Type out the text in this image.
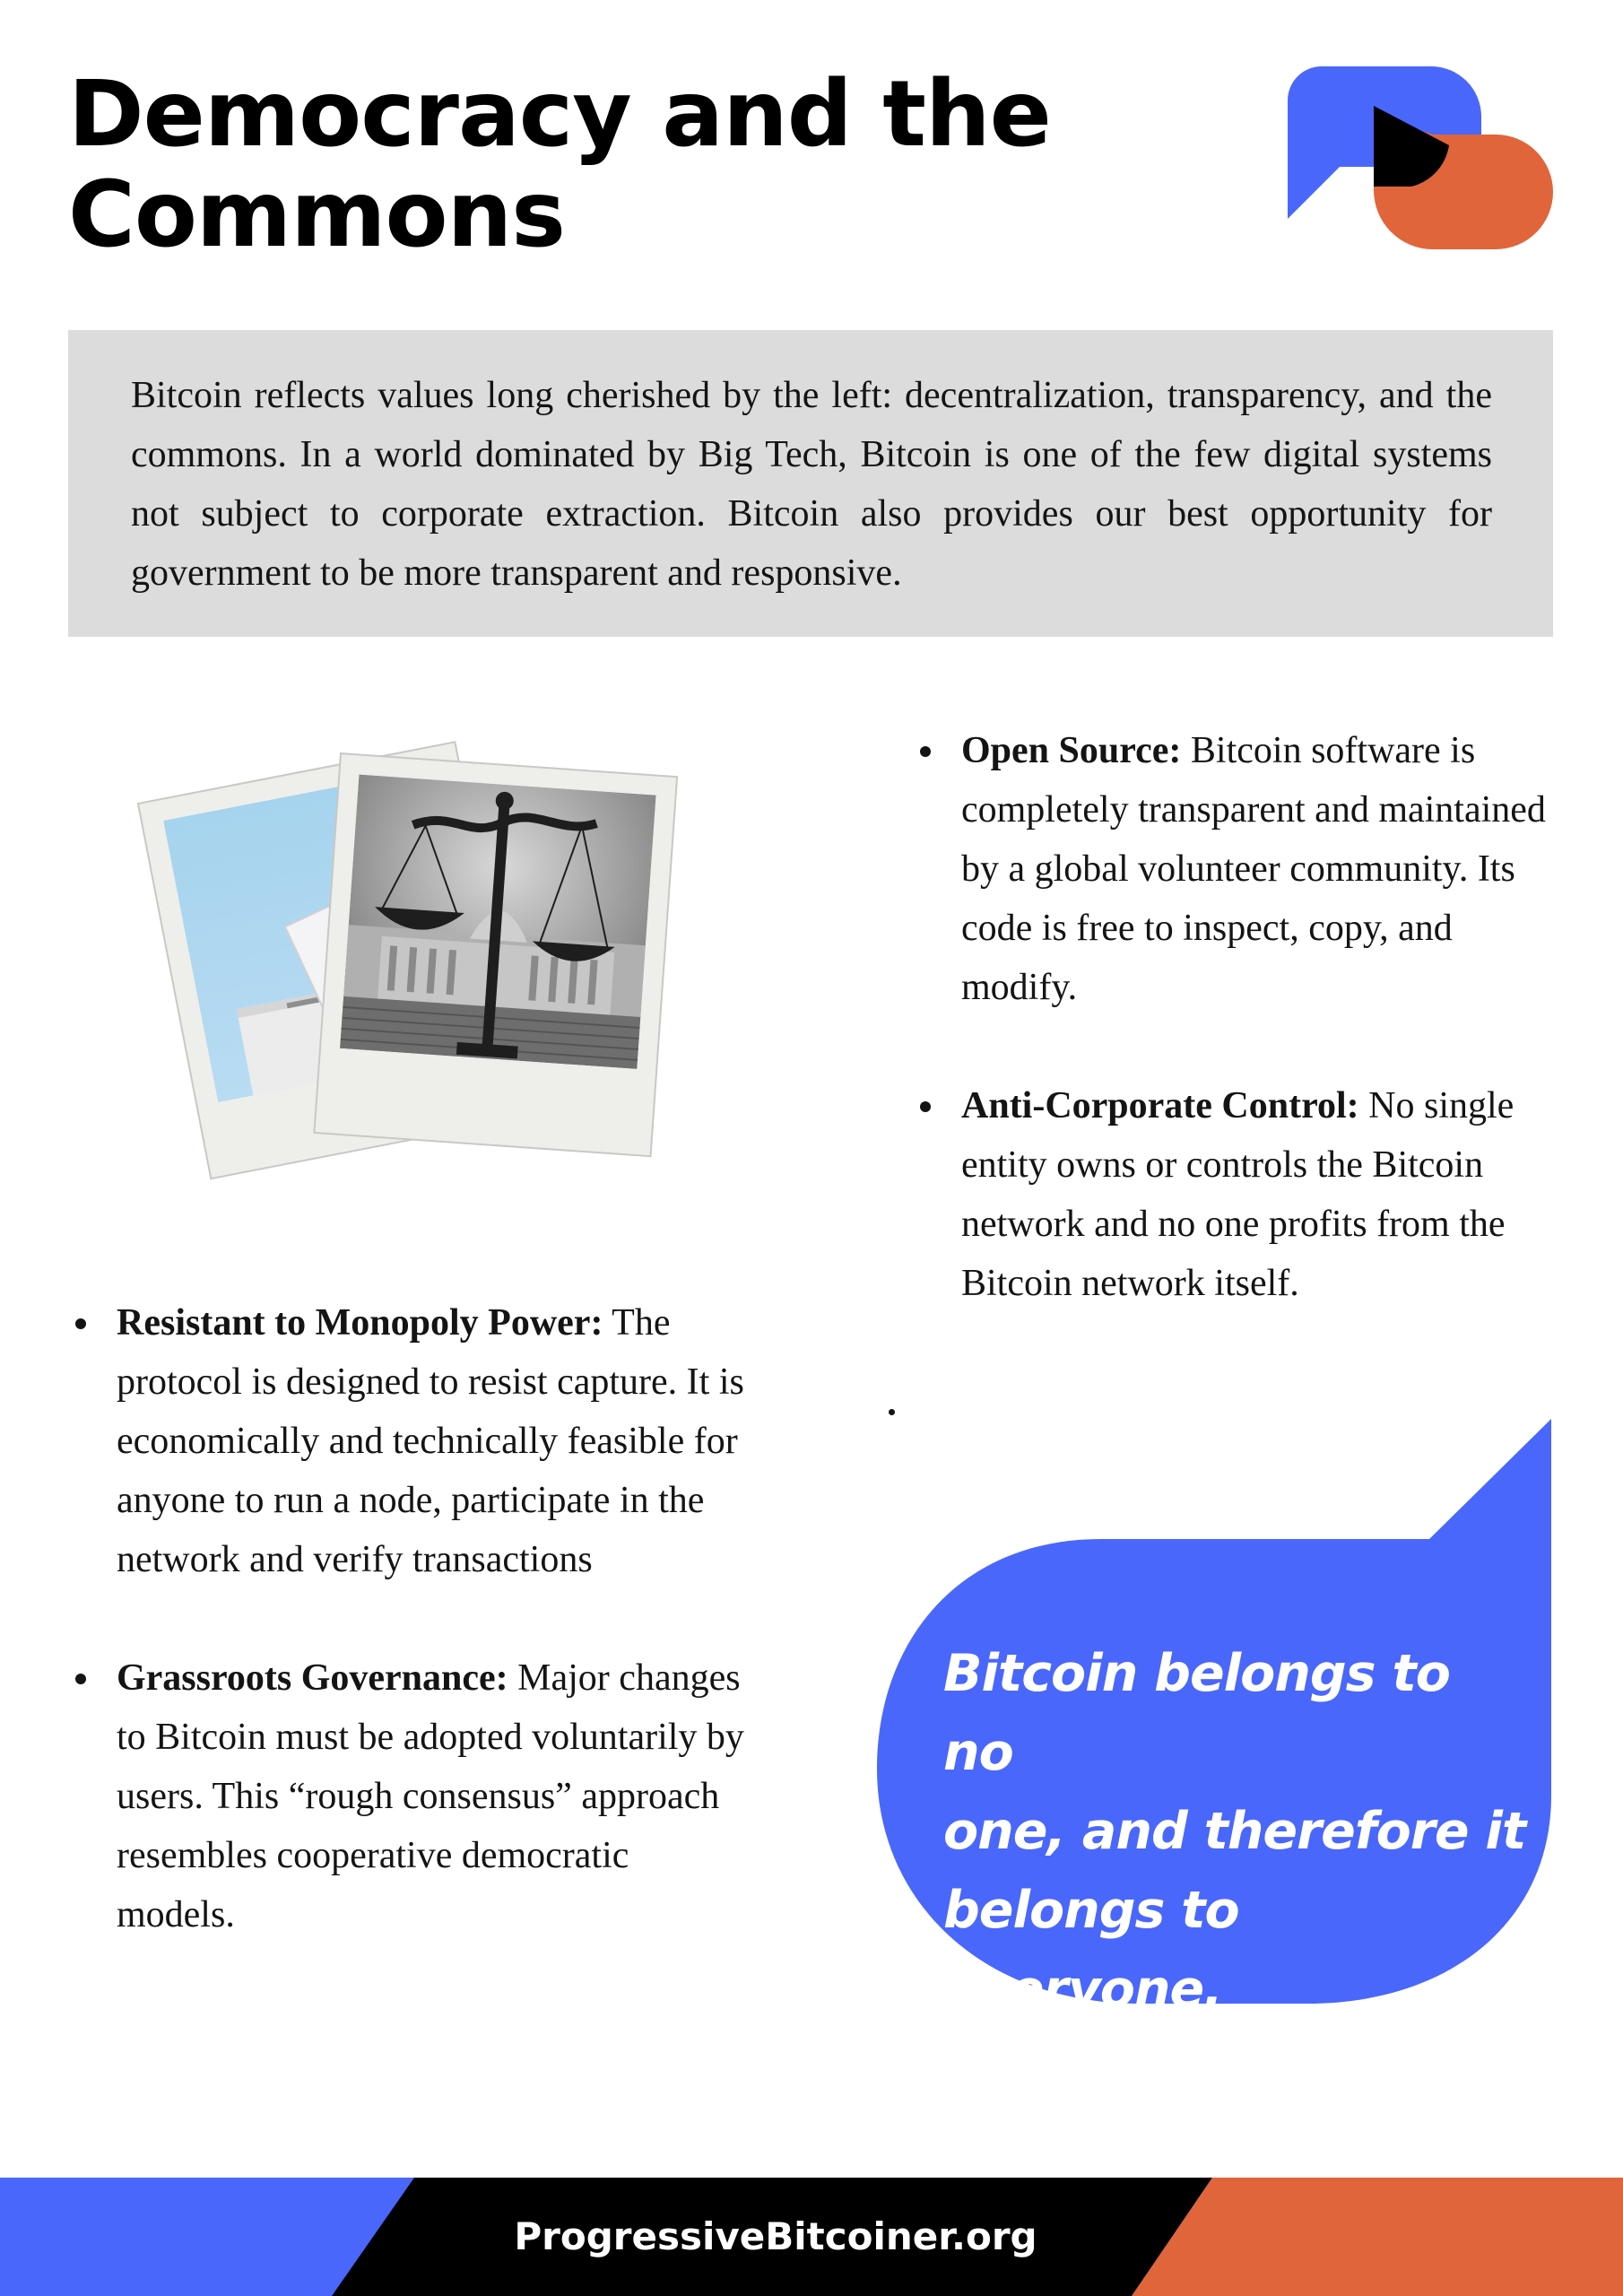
Democracy and the
Commons

Bitcoin reflects values long cherished by the left: decentralization, transparency, and the commons. In a world dominated by Big Tech, Bitcoin is one of the few digital systems not subject to corporate extraction. Bitcoin also provides our best opportunity for government to be more transparent and responsive.

Resistant to Monopoly Power: The protocol is designed to resist capture. It is economically and technically feasible for anyone to run a node, participate in the network and verify transactions
Grassroots Governance: Major changes to Bitcoin must be adopted voluntarily by users. This “rough consensus” approach resembles cooperative democratic models.
Open Source: Bitcoin software is completely transparent and maintained by a global volunteer community. Its code is free to inspect, copy, and modify.
Anti-Corporate Control: No single entity owns or controls the Bitcoin network and no one profits from the Bitcoin network itself.

Bitcoin belongs to no
one, and therefore it
belongs to everyone.

ProgressiveBitcoiner.org
